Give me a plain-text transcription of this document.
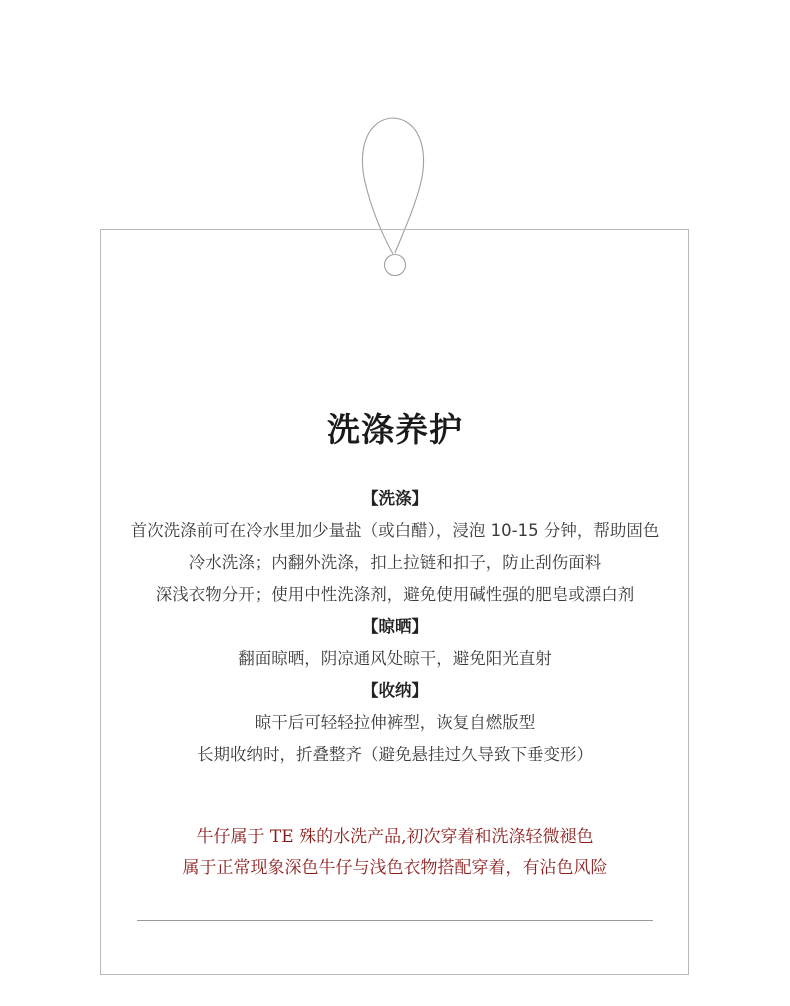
洗涤养护
【洗涤】
首次洗涤前可在冷水里加少量盐（或白醋），浸泡 10-15 分钟，帮助固色
冷水洗涤；内翻外洗涤，扣上拉链和扣子，防止刮伤面料
深浅衣物分开；使用中性洗涤剂，避免使用碱性强的肥皂或漂白剂
【晾晒】
翻面晾晒，阴凉通风处晾干，避免阳光直射
【收纳】
晾干后可轻轻拉伸裤型，诙复自燃版型
长期收纳时，折叠整齐（避免悬挂过久导致下垂变形）
牛仔属于 TE 殊的水洗产品,初次穿着和洗涤轻微褪色
属于正常现象深色牛仔与浅色衣物搭配穿着，有沾色风险
